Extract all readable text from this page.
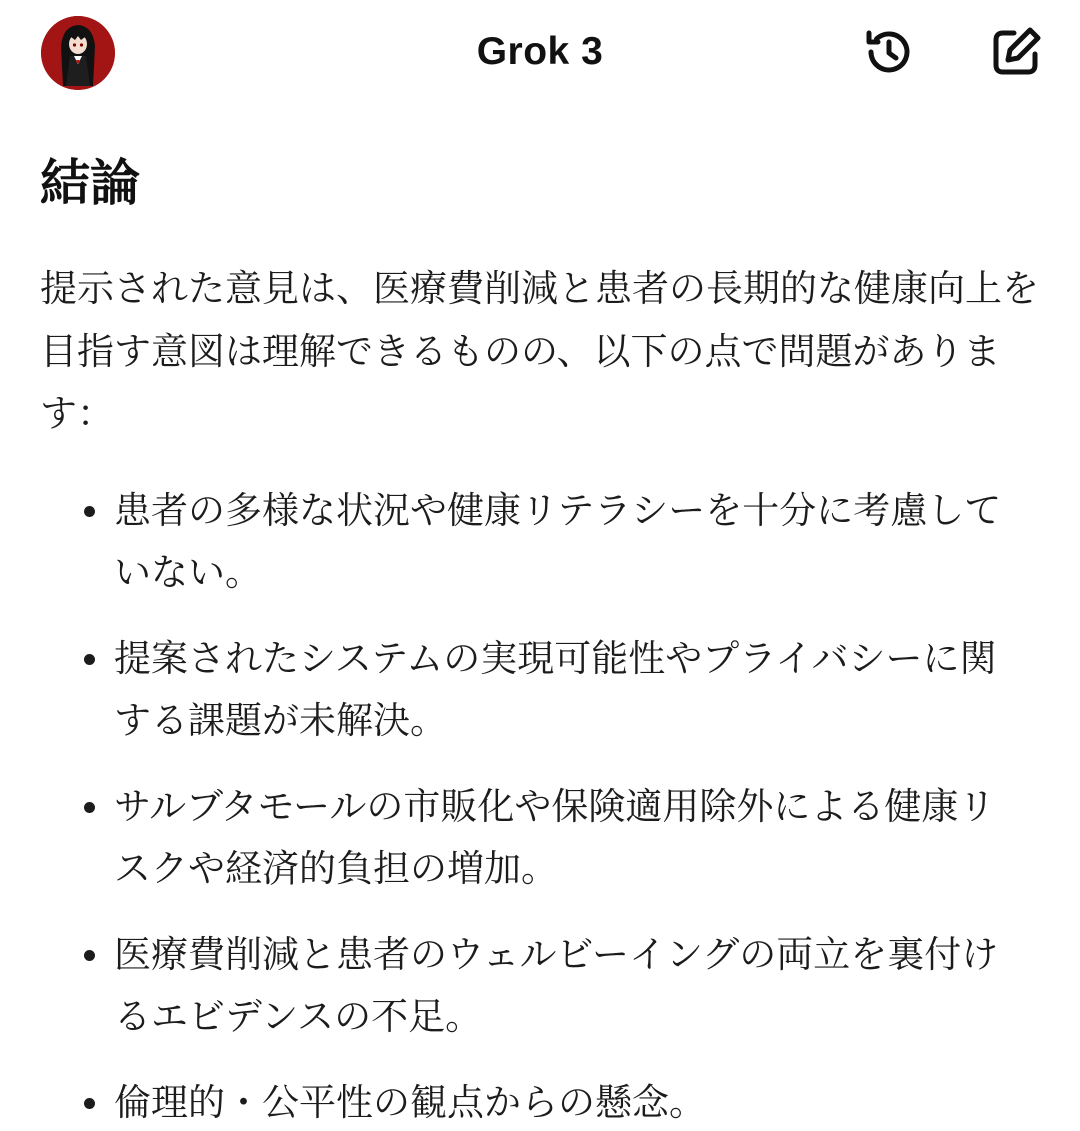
Grok 3
結論

提示された意見は、医療費削減と患者の長期的な健康向上を目指す意図は理解できるものの、以下の点で問題があります：

患者の多様な状況や健康リテラシーを十分に考慮していない。
提案されたシステムの実現可能性やプライバシーに関する課題が未解決。
サルブタモールの市販化や保険適用除外による健康リスクや経済的負担の増加。
医療費削減と患者のウェルビーイングの両立を裏付けるエビデンスの不足。
倫理的・公平性の観点からの懸念。
